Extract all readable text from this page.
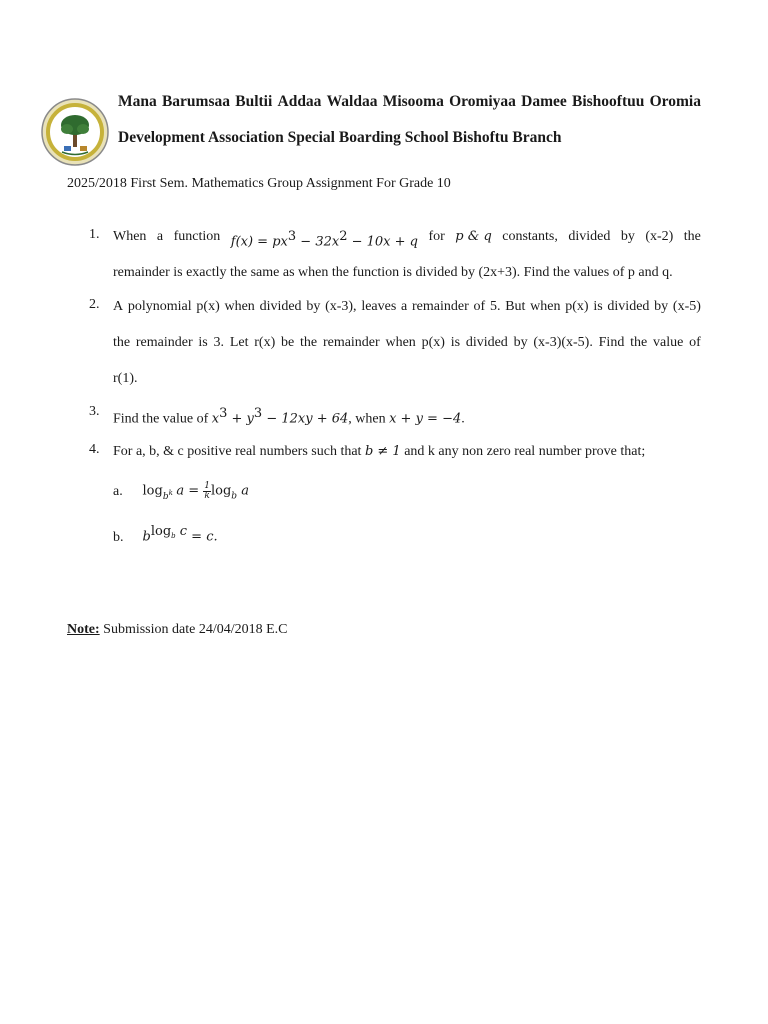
Mana Barumsaa Bultii Addaa Waldaa Misooma Oromiyaa Damee Bishooftuu Oromia
Development Association Special Boarding School Bishoftu Branch
2025/2018 First Sem. Mathematics Group Assignment For Grade 10
1. When a function $f(x) = px^3 - 32x^2 - 10x + q$ for p & q constants, divided by (x-2) the
remainder is exactly the same as when the function is divided by (2x+3). Find the values of p and q.
2. A polynomial p(x) when divided by (x-3), leaves a remainder of 5. But when p(x) is divided by (x-5)
the remainder is 3. Let r(x) be the remainder when p(x) is divided by (x-3)(x-5). Find the value of
r(1).
3.
Find the value of $x^3 + y^3 - 12xy + 64$, when x + y = −4.
4. For a, b, & c positive real numbers such that b ≠ 1 and k any non zero real number prove that;
a. $\log_{b^k} a = \frac{1}{k} \log_b a$
b. $b^{log_b c} = c$.
Note: Submission date 24/04/2018 E.C
